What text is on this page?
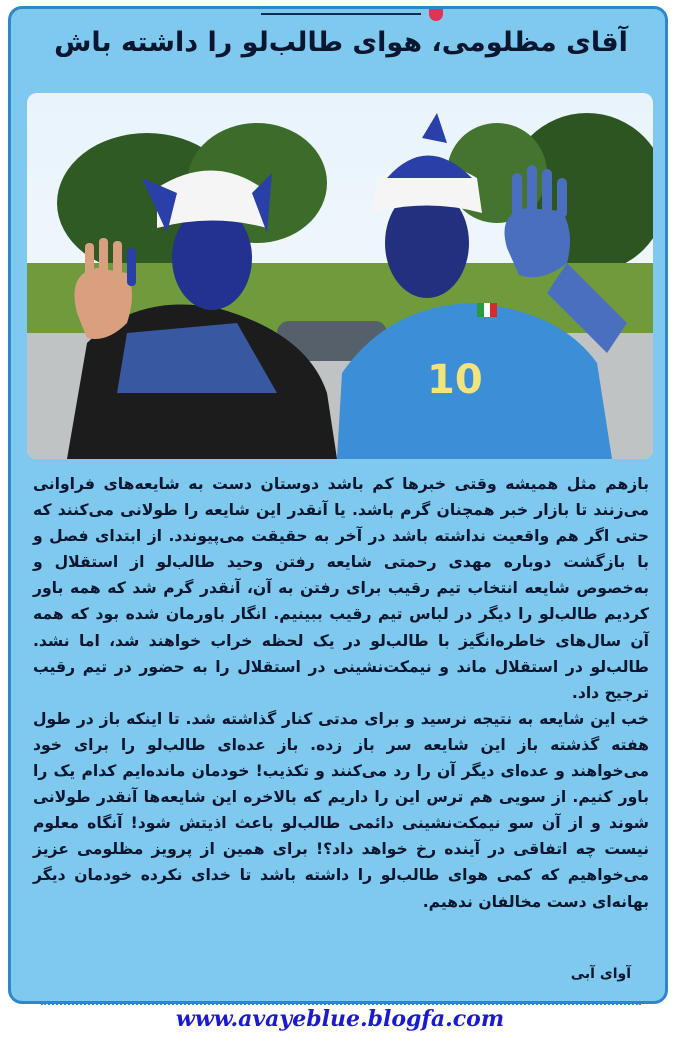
آقای مظلومی، هوای طالب‌لو را داشته باش
10

بازهم مثل همیشه وقتی خبرها کم باشد دوستان دست به شایعه‌های فراوانی می‌زنند تا بازار خبر همچنان گرم باشد. یا آنقدر این شایعه را طولانی می‌کنند که حتی اگر هم واقعیت نداشته باشد در آخر به حقیقت می‌پیوندد. از ابتدای فصل و با بازگشت دوباره مهدی رحمتی شایعه رفتن وحید طالب‌لو از استقلال و به‌خصوص شایعه انتخاب تیم رقیب برای رفتن به آن، آنقدر گرم شد که همه باور کردیم طالب‌لو را دیگر در لباس تیم رقیب ببینیم. انگار باورمان شده بود که همه آن سال‌های خاطره‌انگیز با طالب‌لو در یک لحظه خراب خواهند شد، اما نشد. طالب‌لو در استقلال ماند و نیمکت‌نشینی در استقلال را به حضور در تیم رقیب ترجیح داد.

خب این شایعه به نتیجه نرسید و برای مدتی کنار گذاشته شد. تا اینکه باز در طول هفته گذشته باز این شایعه سر باز زده. باز عده‌ای طالب‌لو را برای خود می‌خواهند و عده‌ای دیگر آن را رد می‌کنند و تکذیب! خودمان مانده‌ایم کدام یک را باور کنیم. از سویی هم ترس این را داریم که بالاخره این شایعه‌ها آنقدر طولانی شوند و از آن سو نیمکت‌نشینی دائمی طالب‌لو باعث اذیتش شود! آنگاه معلوم نیست چه اتفاقی در آینده رخ خواهد داد؟! برای همین از پرویز مظلومی عزیز می‌خواهیم که کمی هوای طالب‌لو را داشته باشد تا خدای نکرده خودمان دیگر بهانه‌ای دست مخالفان ندهیم.

آوای آبی
www.avayeblue.blogfa.com
